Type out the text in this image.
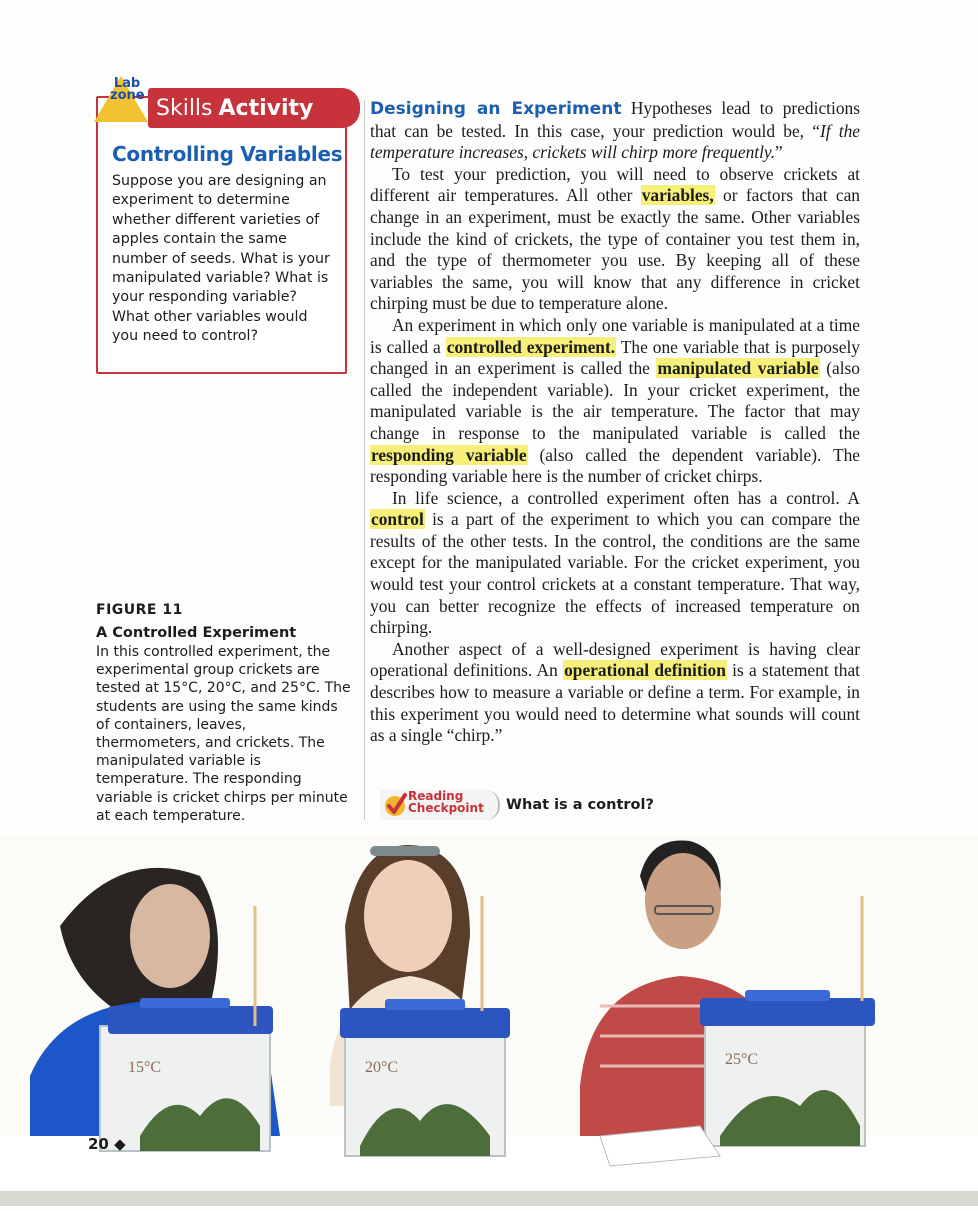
Lab zone Skills Activity
Controlling Variables
Suppose you are designing an experiment to determine whether different varieties of apples contain the same number of seeds. What is your manipulated variable? What is your responding variable? What other variables would you need to control?
FIGURE 11
A Controlled Experiment
In this controlled experiment, the experimental group crickets are tested at 15°C, 20°C, and 25°C. The students are using the same kinds of containers, leaves, thermometers, and crickets. The manipulated variable is temperature. The responding variable is cricket chirps per minute at each temperature.

Designing an Experiment Hypotheses lead to predictions that can be tested. In this case, your prediction would be, “If the temperature increases, crickets will chirp more frequently.”

To test your prediction, you will need to observe crickets at different air temperatures. All other variables, or factors that can change in an experiment, must be exactly the same. Other variables include the kind of crickets, the type of container you test them in, and the type of thermometer you use. By keeping all of these variables the same, you will know that any difference in cricket chirping must be due to temperature alone.

An experiment in which only one variable is manipulated at a time is called a controlled experiment. The one variable that is purposely changed in an experiment is called the manipulated variable (also called the independent variable). In your cricket experiment, the manipulated variable is the air temperature. The factor that may change in response to the manipulated variable is called the responding variable (also called the dependent variable). The responding variable here is the number of cricket chirps.

In life science, a controlled experiment often has a control. A control is a part of the experiment to which you can compare the results of the other tests. In the control, the conditions are the same except for the manipulated variable. For the cricket experiment, you would test your control crickets at a constant temperature. That way, you can better recognize the effects of increased temperature on chirping.

Another aspect of a well-designed experiment is having clear operational definitions. An operational definition is a statement that describes how to measure a variable or define a term. For example, in this experiment you would need to determine what sounds will count as a single “chirp.”

Reading
Checkpoint What is a control?
15°C	20°C	25°C
20 ◆
